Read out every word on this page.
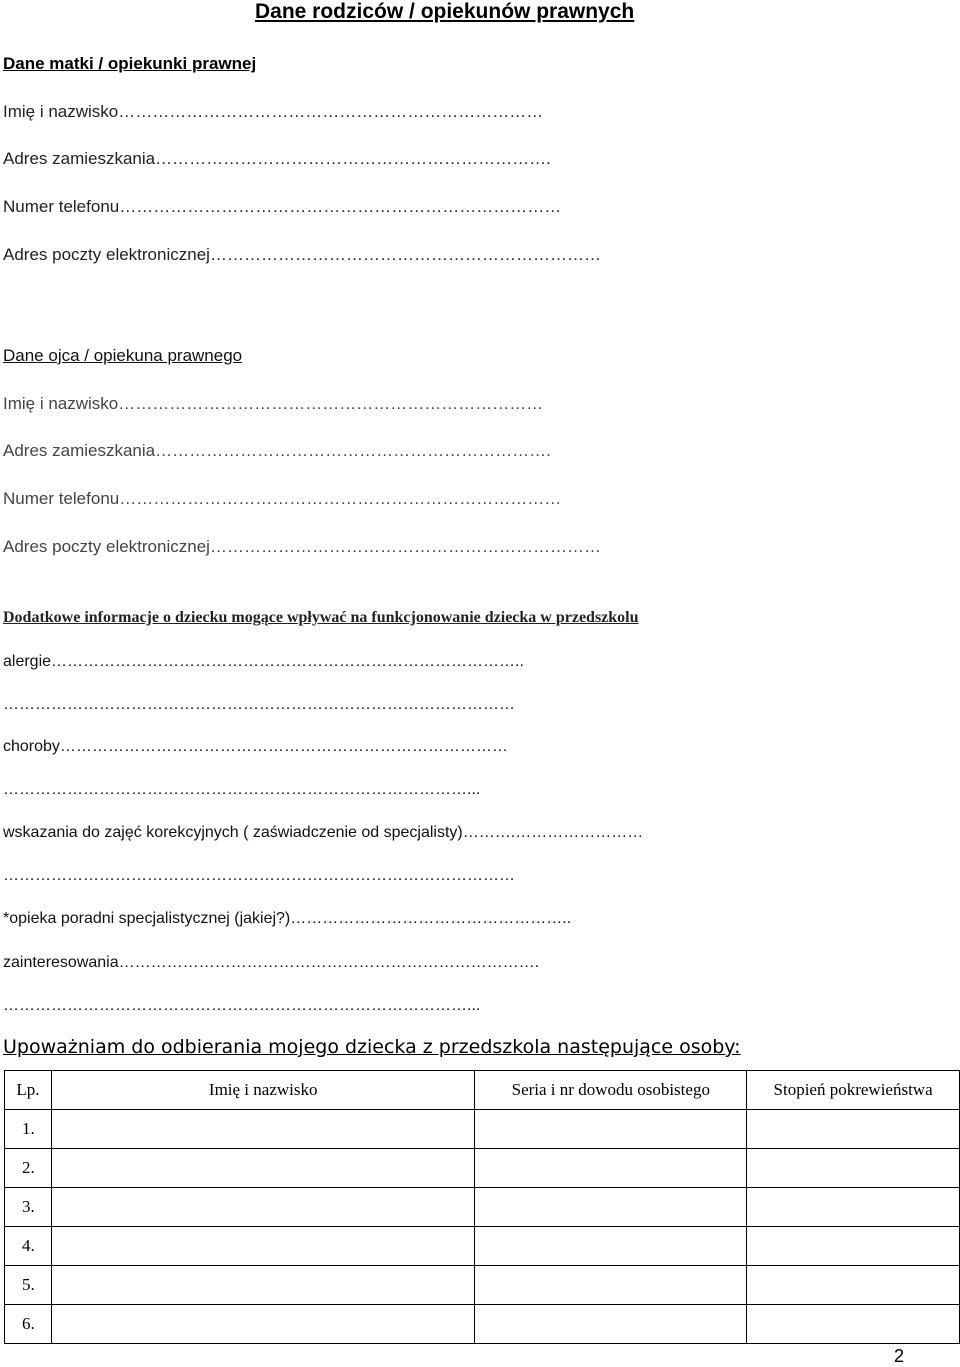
Dane rodziców / opiekunów prawnych
Dane matki / opiekunki prawnej
Imię i nazwisko…………………………………………………………………
Adres zamieszkania…………………………………………………………….
Numer telefonu……………………………………………………………………
Adres poczty elektronicznej……………………………………………………………
Dane ojca / opiekuna prawnego
Imię i nazwisko…………………………………………………………………
Adres zamieszkania…………………………………………………………….
Numer telefonu……………………………………………………………………
Adres poczty elektronicznej……………………………………………………………
Dodatkowe informacje o dziecku mogące wpływać na funkcjonowanie dziecka w przedszkolu
alergie……………………………………………………………………………..
……………………………………………………………………………………
choroby…………………………………………………………………………
……………………………………………………………………………...
wskazania do zajęć korekcyjnych ( zaświadczenie od specjalisty)……….……………………
……………………………………………………………………………………
*opieka poradni specjalistycznej (jakiej?)……………………………………………..
zainteresowania…………………………………………………………………….
……………………………………………………………………………...
Upoważniam do odbierania mojego dziecka z przedszkola następujące osoby:
Lp.	Imię i nazwisko	Seria i nr dowodu osobistego	Stopień pokrewieństwa
1.			
2.			
3.			
4.			
5.			
6.			
2
